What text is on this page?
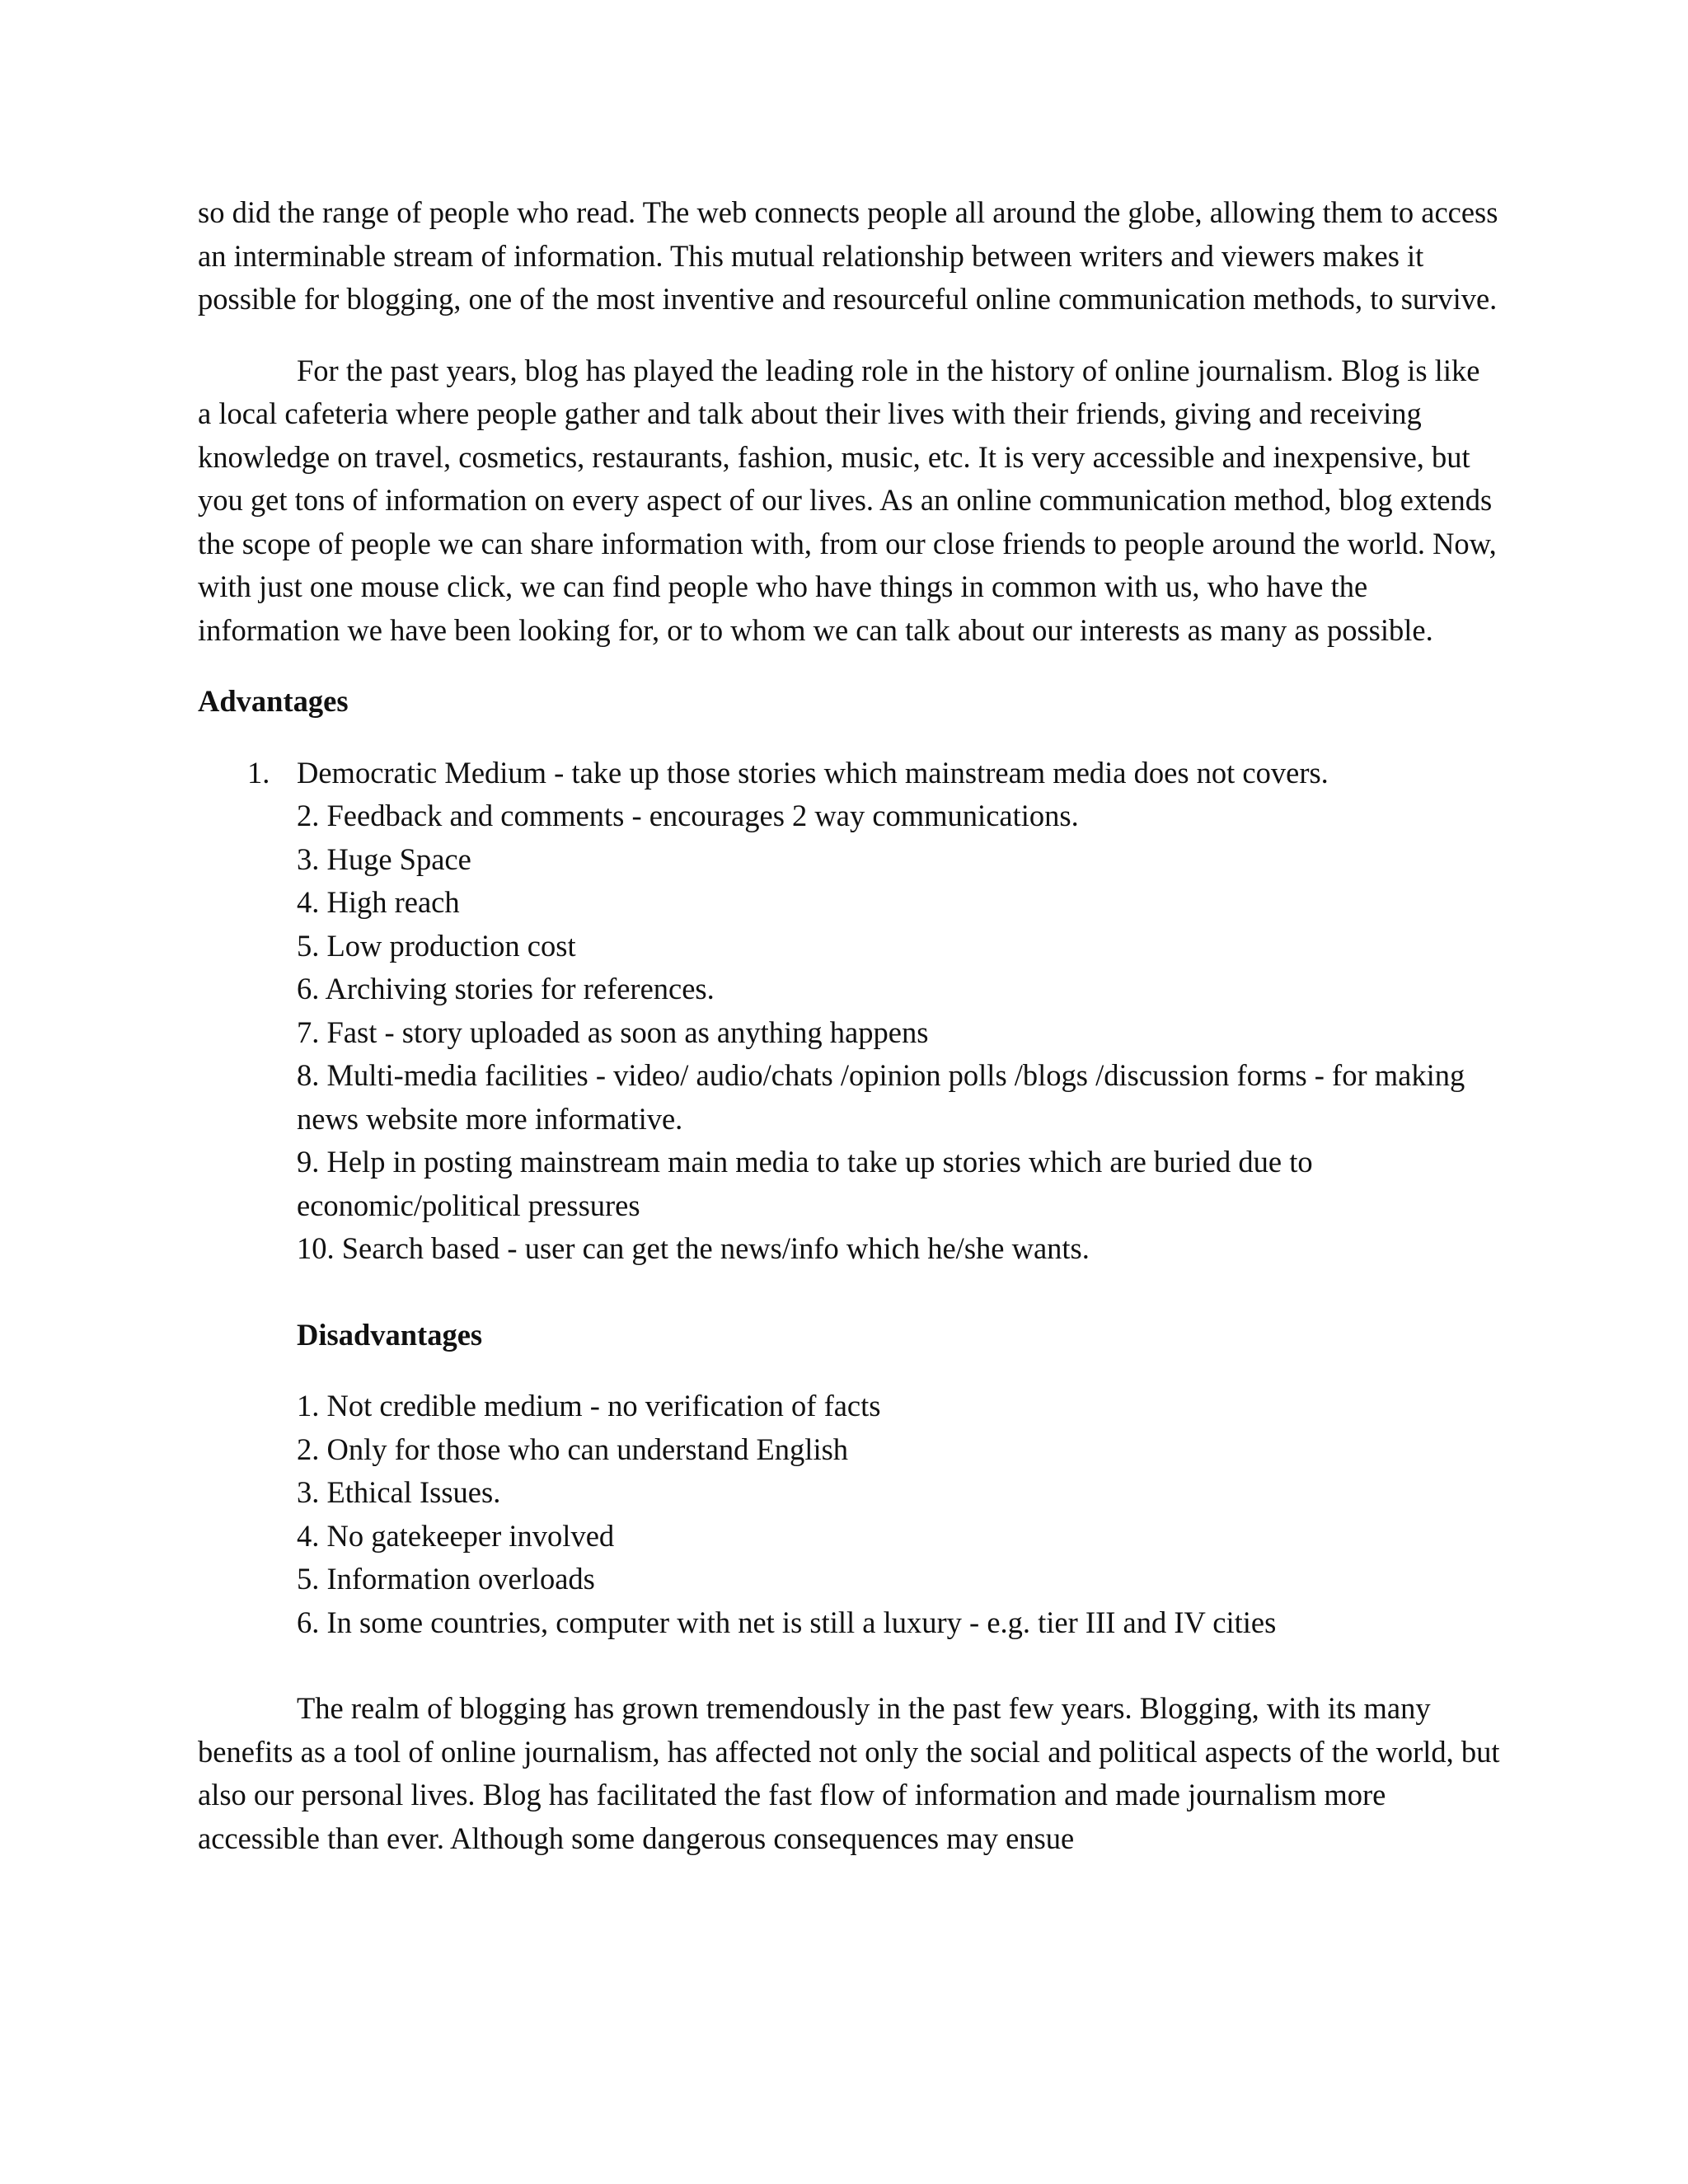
so did the range of people who read. The web connects people all around the globe, allowing them to access an interminable stream of information. This mutual relationship between writers and viewers makes it possible for blogging, one of the most inventive and resourceful online communication methods, to survive.

For the past years, blog has played the leading role in the history of online journalism. Blog is like a local cafeteria where people gather and talk about their lives with their friends, giving and receiving knowledge on travel, cosmetics, restaurants, fashion, music, etc. It is very accessible and inexpensive, but you get tons of information on every aspect of our lives. As an online communication method, blog extends the scope of people we can share information with, from our close friends to people around the world. Now, with just one mouse click, we can find people who have things in common with us, who have the information we have been looking for, or to whom we can talk about our interests as many as possible.

Advantages

1. Democratic Medium - take up those stories which mainstream media does not covers.

2. Feedback and comments - encourages 2 way communications.

3. Huge Space

4. High reach

5. Low production cost

6. Archiving stories for references.

7. Fast - story uploaded as soon as anything happens

8. Multi-media facilities - video/ audio/chats /opinion polls /blogs /discussion forms - for making news website more informative.

9. Help in posting mainstream main media to take up stories which are buried due to economic/political pressures

10. Search based - user can get the news/info which he/she wants.

Disadvantages

1. Not credible medium - no verification of facts

2. Only for those who can understand English

3. Ethical Issues.

4. No gatekeeper involved

5. Information overloads

6. In some countries, computer with net is still a luxury - e.g. tier III and IV cities

The realm of blogging has grown tremendously in the past few years. Blogging, with its many benefits as a tool of online journalism, has affected not only the social and political aspects of the world, but also our personal lives. Blog has facilitated the fast flow of information and made journalism more accessible than ever. Although some dangerous consequences may ensue
